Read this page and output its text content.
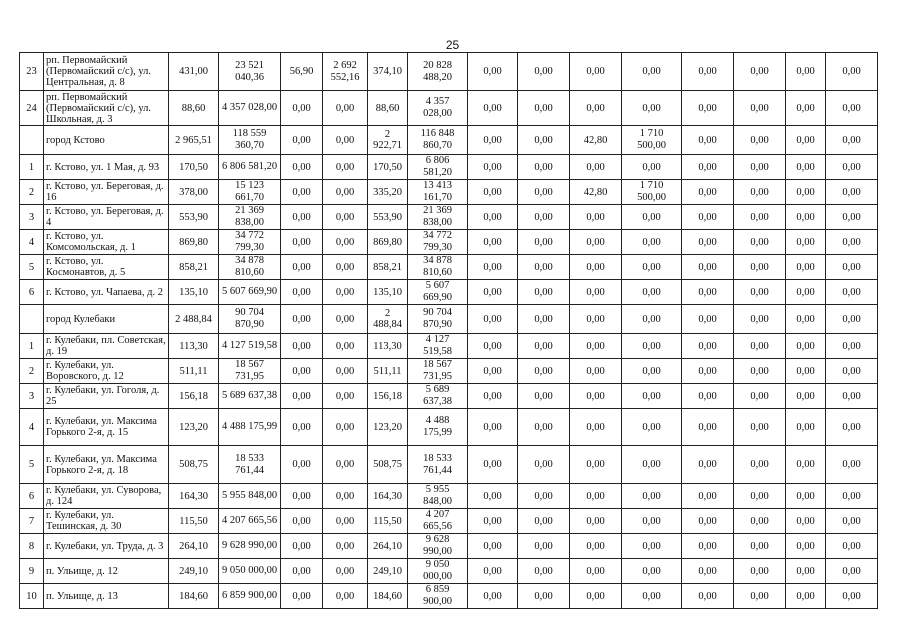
25
23	рп. Первомайский (Первомайский с/с), ул. Центральная, д. 8	431,00	23 521 040,36	56,90	2 692 552,16	374,10	20 828 488,20	0,00	0,00	0,00	0,00	0,00	0,00	0,00	0,00
24	рп. Первомайский (Первомайский с/с), ул. Школьная, д. 3	88,60	4 357 028,00	0,00	0,00	88,60	4 357 028,00	0,00	0,00	0,00	0,00	0,00	0,00	0,00	0,00
	город Кстово	2 965,51	118 559 360,70	0,00	0,00	2 922,71	116 848 860,70	0,00	0,00	42,80	1 710 500,00	0,00	0,00	0,00	0,00
1	г. Кстово, ул. 1 Мая, д. 93	170,50	6 806 581,20	0,00	0,00	170,50	6 806 581,20	0,00	0,00	0,00	0,00	0,00	0,00	0,00	0,00
2	г. Кстово, ул. Береговая, д. 16	378,00	15 123 661,70	0,00	0,00	335,20	13 413 161,70	0,00	0,00	42,80	1 710 500,00	0,00	0,00	0,00	0,00
3	г. Кстово, ул. Береговая, д. 4	553,90	21 369 838,00	0,00	0,00	553,90	21 369 838,00	0,00	0,00	0,00	0,00	0,00	0,00	0,00	0,00
4	г. Кстово, ул. Комсомольская, д. 1	869,80	34 772 799,30	0,00	0,00	869,80	34 772 799,30	0,00	0,00	0,00	0,00	0,00	0,00	0,00	0,00
5	г. Кстово, ул. Космонавтов, д. 5	858,21	34 878 810,60	0,00	0,00	858,21	34 878 810,60	0,00	0,00	0,00	0,00	0,00	0,00	0,00	0,00
6	г. Кстово, ул. Чапаева, д. 2	135,10	5 607 669,90	0,00	0,00	135,10	5 607 669,90	0,00	0,00	0,00	0,00	0,00	0,00	0,00	0,00
	город Кулебаки	2 488,84	90 704 870,90	0,00	0,00	2 488,84	90 704 870,90	0,00	0,00	0,00	0,00	0,00	0,00	0,00	0,00
1	г. Кулебаки, пл. Советская, д. 19	113,30	4 127 519,58	0,00	0,00	113,30	4 127 519,58	0,00	0,00	0,00	0,00	0,00	0,00	0,00	0,00
2	г. Кулебаки, ул. Воровского, д. 12	511,11	18 567 731,95	0,00	0,00	511,11	18 567 731,95	0,00	0,00	0,00	0,00	0,00	0,00	0,00	0,00
3	г. Кулебаки, ул. Гоголя, д. 25	156,18	5 689 637,38	0,00	0,00	156,18	5 689 637,38	0,00	0,00	0,00	0,00	0,00	0,00	0,00	0,00
4	г. Кулебаки, ул. Максима Горького 2-я, д. 15	123,20	4 488 175,99	0,00	0,00	123,20	4 488 175,99	0,00	0,00	0,00	0,00	0,00	0,00	0,00	0,00
5	г. Кулебаки, ул. Максима Горького 2-я, д. 18	508,75	18 533 761,44	0,00	0,00	508,75	18 533 761,44	0,00	0,00	0,00	0,00	0,00	0,00	0,00	0,00
6	г. Кулебаки, ул. Суворова, д. 124	164,30	5 955 848,00	0,00	0,00	164,30	5 955 848,00	0,00	0,00	0,00	0,00	0,00	0,00	0,00	0,00
7	г. Кулебаки, ул. Тешинская, д. 30	115,50	4 207 665,56	0,00	0,00	115,50	4 207 665,56	0,00	0,00	0,00	0,00	0,00	0,00	0,00	0,00
8	г. Кулебаки, ул. Труда, д. 3	264,10	9 628 990,00	0,00	0,00	264,10	9 628 990,00	0,00	0,00	0,00	0,00	0,00	0,00	0,00	0,00
9	п. Ульище, д. 12	249,10	9 050 000,00	0,00	0,00	249,10	9 050 000,00	0,00	0,00	0,00	0,00	0,00	0,00	0,00	0,00
10	п. Ульище, д. 13	184,60	6 859 900,00	0,00	0,00	184,60	6 859 900,00	0,00	0,00	0,00	0,00	0,00	0,00	0,00	0,00
